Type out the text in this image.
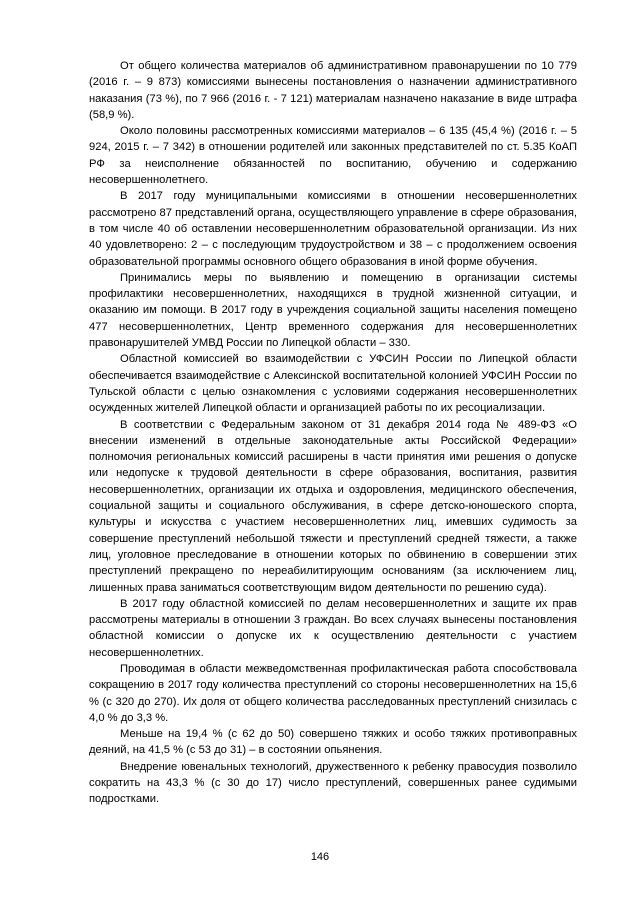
От общего количества материалов об административном правонарушении по 10 779 (2016 г. – 9 873) комиссиями вынесены постановления о назначении административного наказания (73 %), по 7 966 (2016 г. - 7 121) материалам назначено наказание в виде штрафа (58,9 %).

Около половины рассмотренных комиссиями материалов – 6 135 (45,4 %) (2016 г. – 5 924, 2015 г. – 7 342) в отношении родителей или законных представителей по ст. 5.35 КоАП РФ за неисполнение обязанностей по воспитанию, обучению и содержанию несовершеннолетнего.

В 2017 году муниципальными комиссиями в отношении несовершеннолетних рассмотрено 87 представлений органа, осуществляющего управление в сфере образования, в том числе 40 об оставлении несовершеннолетним образовательной организации. Из них 40 удовлетворено: 2 – с последующим трудоустройством и 38 – с продолжением освоения образовательной программы основного общего образования в иной форме обучения.

Принимались меры по выявлению и помещению в организации системы профилактики несовершеннолетних, находящихся в трудной жизненной ситуации, и оказанию им помощи. В 2017 году в учреждения социальной защиты населения помещено 477 несовершеннолетних, Центр временного содержания для несовершеннолетних правонарушителей УМВД России по Липецкой области – 330.

Областной комиссией во взаимодействии с УФСИН России по Липецкой области обеспечивается взаимодействие с Алексинской воспитательной колонией УФСИН России по Тульской области с целью ознакомления с условиями содержания несовершеннолетних осужденных жителей Липецкой области и организацией работы по их ресоциализации.

В соответствии с Федеральным законом от 31 декабря 2014 года № 489-ФЗ «О внесении изменений в отдельные законодательные акты Российской Федерации» полномочия региональных комиссий расширены в части принятия ими решения о допуске или недопуске к трудовой деятельности в сфере образования, воспитания, развития несовершеннолетних, организации их отдыха и оздоровления, медицинского обеспечения, социальной защиты и социального обслуживания, в сфере детско-юношеского спорта, культуры и искусства с участием несовершеннолетних лиц, имевших судимость за совершение преступлений небольшой тяжести и преступлений средней тяжести, а также лиц, уголовное преследование в отношении которых по обвинению в совершении этих преступлений прекращено по нереабилитирующим основаниям (за исключением лиц, лишенных права заниматься соответствующим видом деятельности по решению суда).

В 2017 году областной комиссией по делам несовершеннолетних и защите их прав рассмотрены материалы в отношении 3 граждан. Во всех случаях вынесены постановления областной комиссии о допуске их к осуществлению деятельности с участием несовершеннолетних.

Проводимая в области межведомственная профилактическая работа способствовала сокращению в 2017 году количества преступлений со стороны несовершеннолетних на 15,6 % (с 320 до 270). Их доля от общего количества расследованных преступлений снизилась с 4,0 % до 3,3 %.

Меньше на 19,4 % (с 62 до 50) совершено тяжких и особо тяжких противоправных деяний, на 41,5 % (с 53 до 31) – в состоянии опьянения.

Внедрение ювенальных технологий, дружественного к ребенку правосудия позволило сократить на 43,3 % (с 30 до 17) число преступлений, совершенных ранее судимыми подростками.

146
